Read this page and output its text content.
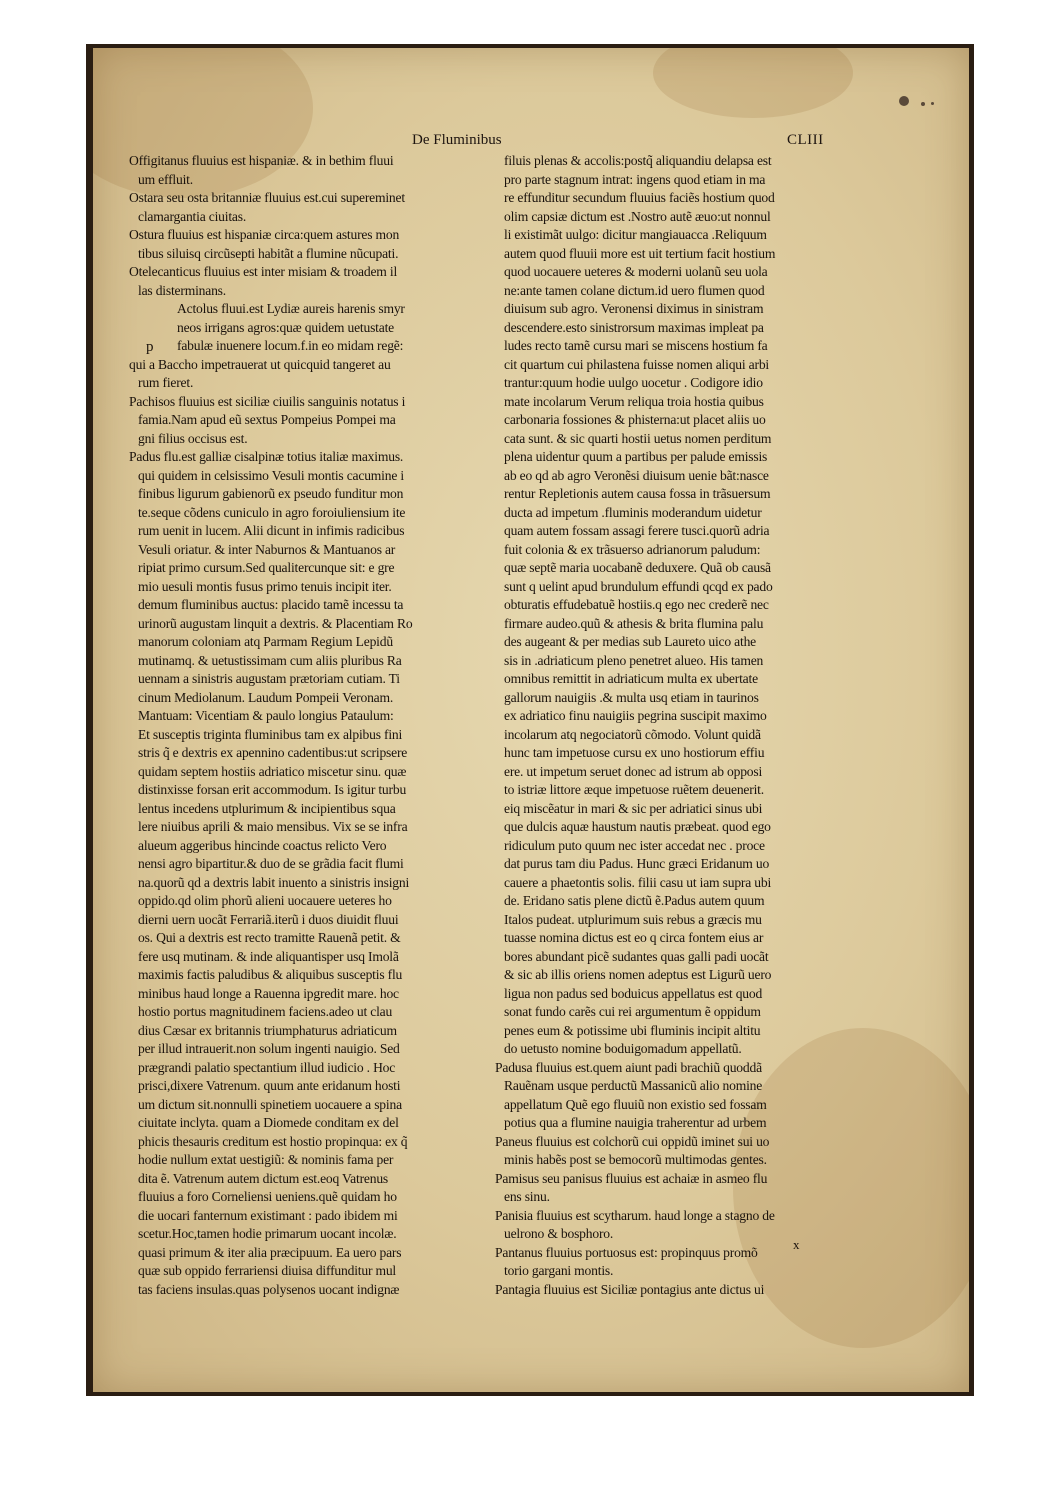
De Fluminibus	CLIII
p
Offigitanus fluuius est hispaniæ. & in bethim fluui
um effluit.
Ostara seu osta britanniæ fluuius est.cui supereminet
clamargantia ciuitas.
Ostura fluuius est hispaniæ circa:quem astures mon
tibus siluisq circũsepti habitãt a flumine nũcupati.
Otelecanticus fluuius est inter misiam & troadem il
las disterminans.
Actolus fluui.est Lydiæ aureis harenis smyr
neos irrigans agros:quæ quidem uetustate
fabulæ inuenere locum.f.in eo midam regẽ:
qui a Baccho impetrauerat ut quicquid tangeret au
rum fieret.
Pachisos fluuius est siciliæ ciuilis sanguinis notatus i
famia.Nam apud eũ sextus Pompeius Pompei ma
gni filius occisus est.
Padus flu.est galliæ cisalpinæ totius italiæ maximus.
qui quidem in celsissimo Vesuli montis cacumine i
finibus ligurum gabienorũ ex pseudo funditur mon
te.seque cõdens cuniculo in agro foroiuliensium ite
rum uenit in lucem. Alii dicunt in infimis radicibus
Vesuli oriatur. & inter Naburnos & Mantuanos ar
ripiat primo cursum.Sed qualitercunque sit: e gre
mio uesuli montis fusus primo tenuis incipit iter.
demum fluminibus auctus: placido tamẽ incessu ta
urinorũ augustam linquit a dextris. & Placentiam Ro
manorum coloniam atq Parmam Regium Lepidũ
mutinamq. & uetustissimam cum aliis pluribus Ra
uennam a sinistris augustam prætoriam cutiam. Ti
cinum Mediolanum. Laudum Pompeii Veronam.
Mantuam: Vicentiam & paulo longius Pataulum:
Et susceptis triginta fluminibus tam ex alpibus fini
stris q̃ e dextris ex apennino cadentibus:ut scripsere
quidam septem hostiis adriatico miscetur sinu. quæ
distinxisse forsan erit accommodum. Is igitur turbu
lentus incedens utplurimum & incipientibus squa
lere niuibus aprili & maio mensibus. Vix se se infra
alueum aggeribus hincinde coactus relicto Vero
nensi agro bipartitur.& duo de se grãdia facit flumi
na.quorũ qd a dextris labit inuento a sinistris insigni
oppido.qd olim phorũ alieni uocauere ueteres ho
dierni uern uocãt Ferrariã.iterũ i duos diuidit fluui
os. Qui a dextris est recto tramitte Rauenã petit. &
fere usq mutinam. & inde aliquantisper usq Imolã
maximis factis paludibus & aliquibus susceptis flu
minibus haud longe a Rauenna ipgredit mare. hoc
hostio portus magnitudinem faciens.adeo ut clau
dius Cæsar ex britannis triumphaturus adriaticum
per illud intrauerit.non solum ingenti nauigio. Sed
prægrandi palatio spectantium illud iudicio . Hoc
prisci,dixere Vatrenum. quum ante eridanum hosti
um dictum sit.nonnulli spinetiem uocauere a spina
ciuitate inclyta. quam a Diomede conditam ex del
phicis thesauris creditum est hostio propinqua: ex q̃
hodie nullum extat uestigiũ: & nominis fama per
dita ẽ. Vatrenum autem dictum est.eoq Vatrenus
fluuius a foro Corneliensi ueniens.quẽ quidam ho
die uocari fanternum existimant : pado ibidem mi
scetur.Hoc,tamen hodie primarum uocant incolæ.
quasi primum & iter alia præcipuum. Ea uero pars
quæ sub oppido ferrariensi diuisa diffunditur mul
tas faciens insulas.quas polysenos uocant indignæ
filuis plenas & accolis:postq̃ aliquandiu delapsa est
pro parte stagnum intrat: ingens quod etiam in ma
re effunditur secundum fluuius faciẽs hostium quod
olim capsiæ dictum est .Nostro autẽ æuo:ut nonnul
li existimãt uulgo: dicitur mangiauacca .Reliquum
autem quod fluuii more est uit tertium facit hostium
quod uocauere ueteres & moderni uolanũ seu uola
ne:ante tamen colane dictum.id uero flumen quod
diuisum sub agro. Veronensi diximus in sinistram
descendere.esto sinistrorsum maximas impleat pa
ludes recto tamẽ cursu mari se miscens hostium fa
cit quartum cui philastena fuisse nomen aliqui arbi
trantur:quum hodie uulgo uocetur . Codigore idio
mate incolarum Verum reliqua troia hostia quibus
carbonaria fossiones & phisterna:ut placet aliis uo
cata sunt. & sic quarti hostii uetus nomen perditum
plena uidentur quum a partibus per palude emissis
ab eo qd ab agro Veronẽsi diuisum uenie bãt:nasce
rentur Repletionis autem causa fossa in trãsuersum
ducta ad impetum .fluminis moderandum uidetur
quam autem fossam assagi ferere tusci.quorũ adria
fuit colonia & ex trãsuerso adrianorum paludum:
quæ septẽ maria uocabanẽ deduxere. Quã ob causã
sunt q uelint apud brundulum effundi qcqd ex pado
obturatis effudebatuẽ hostiis.q ego nec crederẽ nec
firmare audeo.quũ & athesis & brita flumina palu
des augeant & per medias sub Laureto uico athe
sis in .adriaticum pleno penetret alueo. His tamen
omnibus remittit in adriaticum multa ex ubertate
gallorum nauigiis .& multa usq etiam in taurinos
ex adriatico finu nauigiis pegrina suscipit maximo
incolarum atq negociatorũ cõmodo. Volunt quidã
hunc tam impetuose cursu ex uno hostiorum effiu
ere. ut impetum seruet donec ad istrum ab opposi
to istriæ littore æque impetuose ruẽtem deuenerit.
eiq miscẽatur in mari & sic per adriatici sinus ubi
que dulcis aquæ haustum nautis præbeat. quod ego
ridiculum puto quum nec ister accedat nec . proce
dat purus tam diu Padus. Hunc græci Eridanum uo
cauere a phaetontis solis. filii casu ut iam supra ubi
de. Eridano satis plene dictũ ẽ.Padus autem quum
Italos pudeat. utplurimum suis rebus a græcis mu
tuasse nomina dictus est eo q circa fontem eius ar
bores abundant picẽ sudantes quas galli padi uocãt
& sic ab illis oriens nomen adeptus est Ligurũ uero
ligua non padus sed boduicus appellatus est quod
sonat fundo carẽs cui rei argumentum ẽ oppidum
penes eum & potissime ubi fluminis incipit altitu
do uetusto nomine boduigomadum appellatũ.
Padusa fluuius est.quem aiunt padi brachiũ quoddã
Rauẽnam usque perductũ Massanicũ alio nomine
appellatum Quẽ ego fluuiũ non existio sed fossam
potius qua a flumine nauigia traherentur ad urbem
Paneus fluuius est colchorũ cui oppidũ iminet sui uo
minis habẽs post se bemocorũ multimodas gentes.
Pamisus seu panisus fluuius est achaiæ in asmeo flu
ens sinu.
Panisia fluuius est scytharum. haud longe a stagno de
uelrono & bosphoro.
Pantanus fluuius portuosus est: propinquus promõ
torio gargani montis.
Pantagia fluuius est Siciliæ pontagius ante dictus ui
x
